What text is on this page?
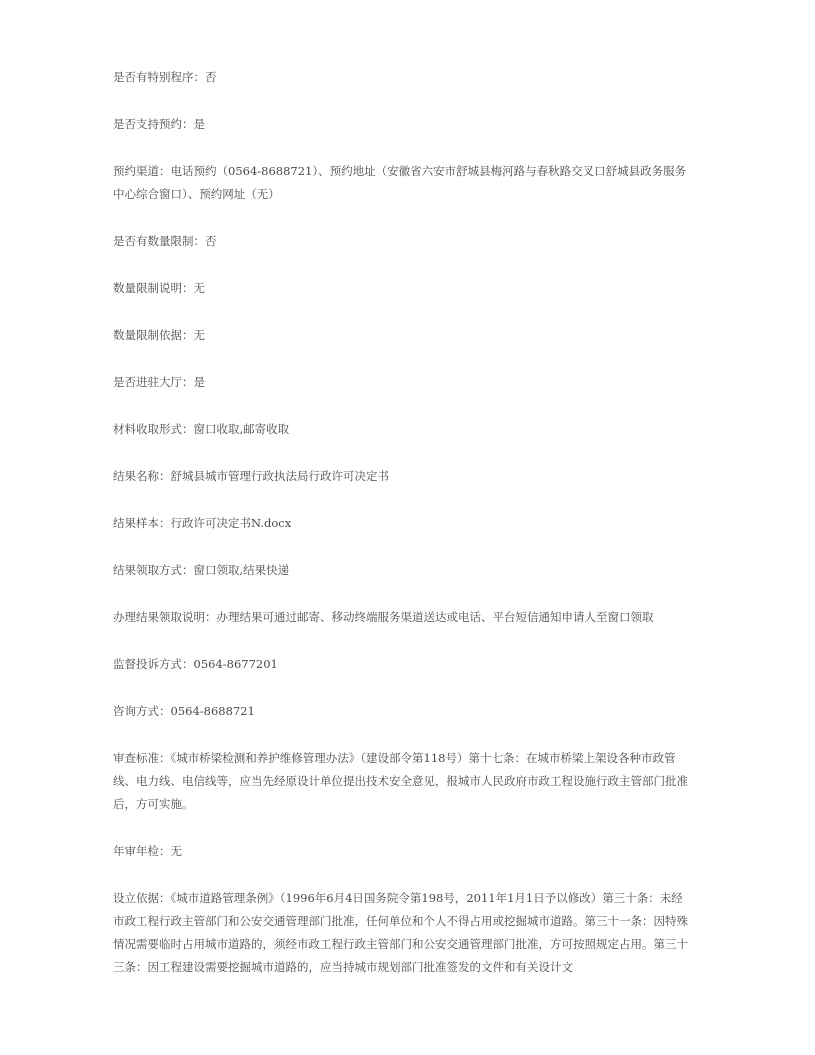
是否有特别程序：否

是否支持预约：是

预约渠道：电话预约（0564-8688721）、预约地址（安徽省六安市舒城县梅河路与春秋路交叉口舒城县政务服务中心综合窗口）、预约网址（无）

是否有数量限制：否

数量限制说明：无

数量限制依据：无

是否进驻大厅：是

材料收取形式：窗口收取,邮寄收取

结果名称：舒城县城市管理行政执法局行政许可决定书

结果样本：行政许可决定书N.docx

结果领取方式：窗口领取,结果快递

办理结果领取说明：办理结果可通过邮寄、移动终端服务渠道送达或电话、平台短信通知申请人至窗口领取

监督投诉方式：0564-8677201

咨询方式：0564-8688721

审查标准：《城市桥梁检测和养护维修管理办法》（建设部令第118号）第十七条：在城市桥梁上架设各种市政管线、电力线、电信线等，应当先经原设计单位提出技术安全意见，报城市人民政府市政工程设施行政主管部门批准后，方可实施。

年审年检：无

设立依据：《城市道路管理条例》（1996年6月4日国务院令第198号，2011年1月1日予以修改）第三十条：未经市政工程行政主管部门和公安交通管理部门批准，任何单位和个人不得占用或挖掘城市道路。第三十一条：因特殊情况需要临时占用城市道路的，须经市政工程行政主管部门和公安交通管理部门批准，方可按照规定占用。第三十三条：因工程建设需要挖掘城市道路的，应当持城市规划部门批准签发的文件和有关设计文
